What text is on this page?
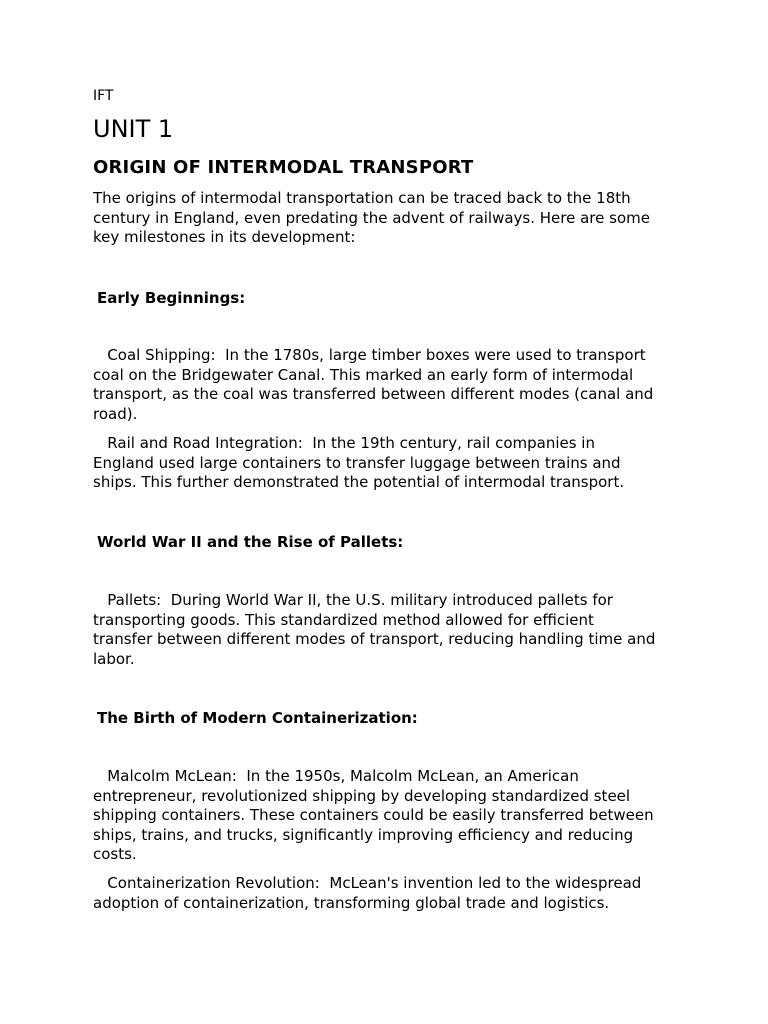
IFT

UNIT 1
ORIGIN OF INTERMODAL TRANSPORT

The origins of intermodal transportation can be traced back to the 18th
century in England, even predating the advent of railways. Here are some
key milestones in its development:

Early Beginnings:

Coal Shipping:  In the 1780s, large timber boxes were used to transport
coal on the Bridgewater Canal. This marked an early form of intermodal
transport, as the coal was transferred between different modes (canal and
road).

Rail and Road Integration:  In the 19th century, rail companies in
England used large containers to transfer luggage between trains and
ships. This further demonstrated the potential of intermodal transport.

World War II and the Rise of Pallets:

Pallets:  During World War II, the U.S. military introduced pallets for
transporting goods. This standardized method allowed for efficient
transfer between different modes of transport, reducing handling time and
labor.

The Birth of Modern Containerization:

Malcolm McLean:  In the 1950s, Malcolm McLean, an American
entrepreneur, revolutionized shipping by developing standardized steel
shipping containers. These containers could be easily transferred between
ships, trains, and trucks, significantly improving efficiency and reducing
costs.

Containerization Revolution:  McLean's invention led to the widespread
adoption of containerization, transforming global trade and logistics.
